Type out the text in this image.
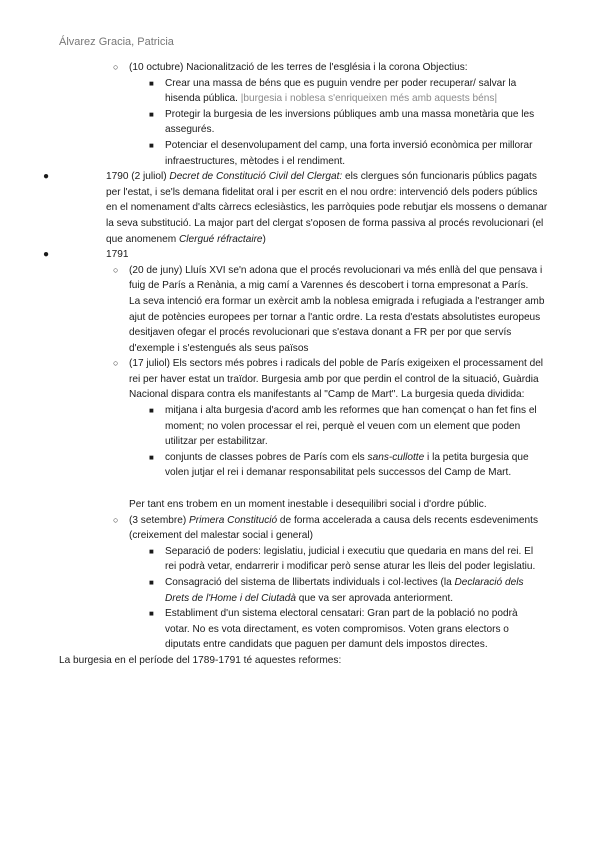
Álvarez Gracia, Patricia
○ (10 octubre) Nacionalització de les terres de l'església i la corona Objectius:
■ Crear una massa de béns que es puguin vendre per poder recuperar/ salvar la hisenda pública. |burgesia i noblesa s'enriqueixen més amb aquests béns|
■ Protegir la burgesia de les inversions públiques amb una massa monetària que les assegurés.
■ Potenciar el desenvolupament del camp, una forta inversió econòmica per millorar infraestructures, mètodes i el rendiment.
●	1790 (2 juliol) Decret de Constitució Civil del Clergat: els clergues són funcionaris públics pagats per l'estat, i se'ls demana fidelitat oral i per escrit en el nou ordre: intervenció dels poders públics en el nomenament d'alts càrrecs eclesiàstics, les parròquies pode rebutjar els mossens o demanar la seva substitució. La major part del clergat s'oposen de forma passiva al procés revolucionari (el que anomenem Clergué réfractaire)
●	1791
○ (20 de juny) Lluís XVI se'n adona que el procés revolucionari va més enllà del que pensava i fuig de París a Renània, a mig camí a Varennes és descobert i torna empresonat a París.
La seva intenció era formar un exèrcit amb la noblesa emigrada i refugiada a l'estranger amb ajut de potències europees per tornar a l'antic ordre. La resta d'estats absolutistes europeus desitjaven ofegar el procés revolucionari que s'estava donant a FR per por que servís d'exemple i s'estengués als seus països
○ (17 juliol) Els sectors més pobres i radicals del poble de París exigeixen el processament del rei per haver estat un traïdor. Burgesia amb por que perdin el control de la situació, Guàrdia Nacional dispara contra els manifestants al "Camp de Mart". La burgesia queda dividida:
■ mitjana i alta burgesia d'acord amb les reformes que han començat o han fet fins el moment; no volen processar el rei, perquè el veuen com un element que poden utilitzar per estabilitzar.
■ conjunts de classes pobres de París com els sans-cullotte i la petita burgesia que volen jutjar el rei i demanar responsabilitat pels successos del Camp de Mart.
Per tant ens trobem en un moment inestable i desequilibri social i d'ordre públic.
○ (3 setembre) Primera Constitució de forma accelerada a causa dels recents esdeveniments (creixement del malestar social i general)
■ Separació de poders: legislatiu, judicial i executiu que quedaria en mans del rei. El rei podrà vetar, endarrerir i modificar però sense aturar les lleis del poder legislatiu.
■ Consagració del sistema de llibertats individuals i col·lectives (la Declaració dels Drets de l'Home i del Ciutadà que va ser aprovada anteriorment.
■ Establiment d'un sistema electoral censatari: Gran part de la població no podrà votar. No es vota directament, es voten compromisos. Voten grans electors o diputats entre candidats que paguen per damunt dels impostos directes.
La burgesia en el període del 1789-1791 té aquestes reformes:
